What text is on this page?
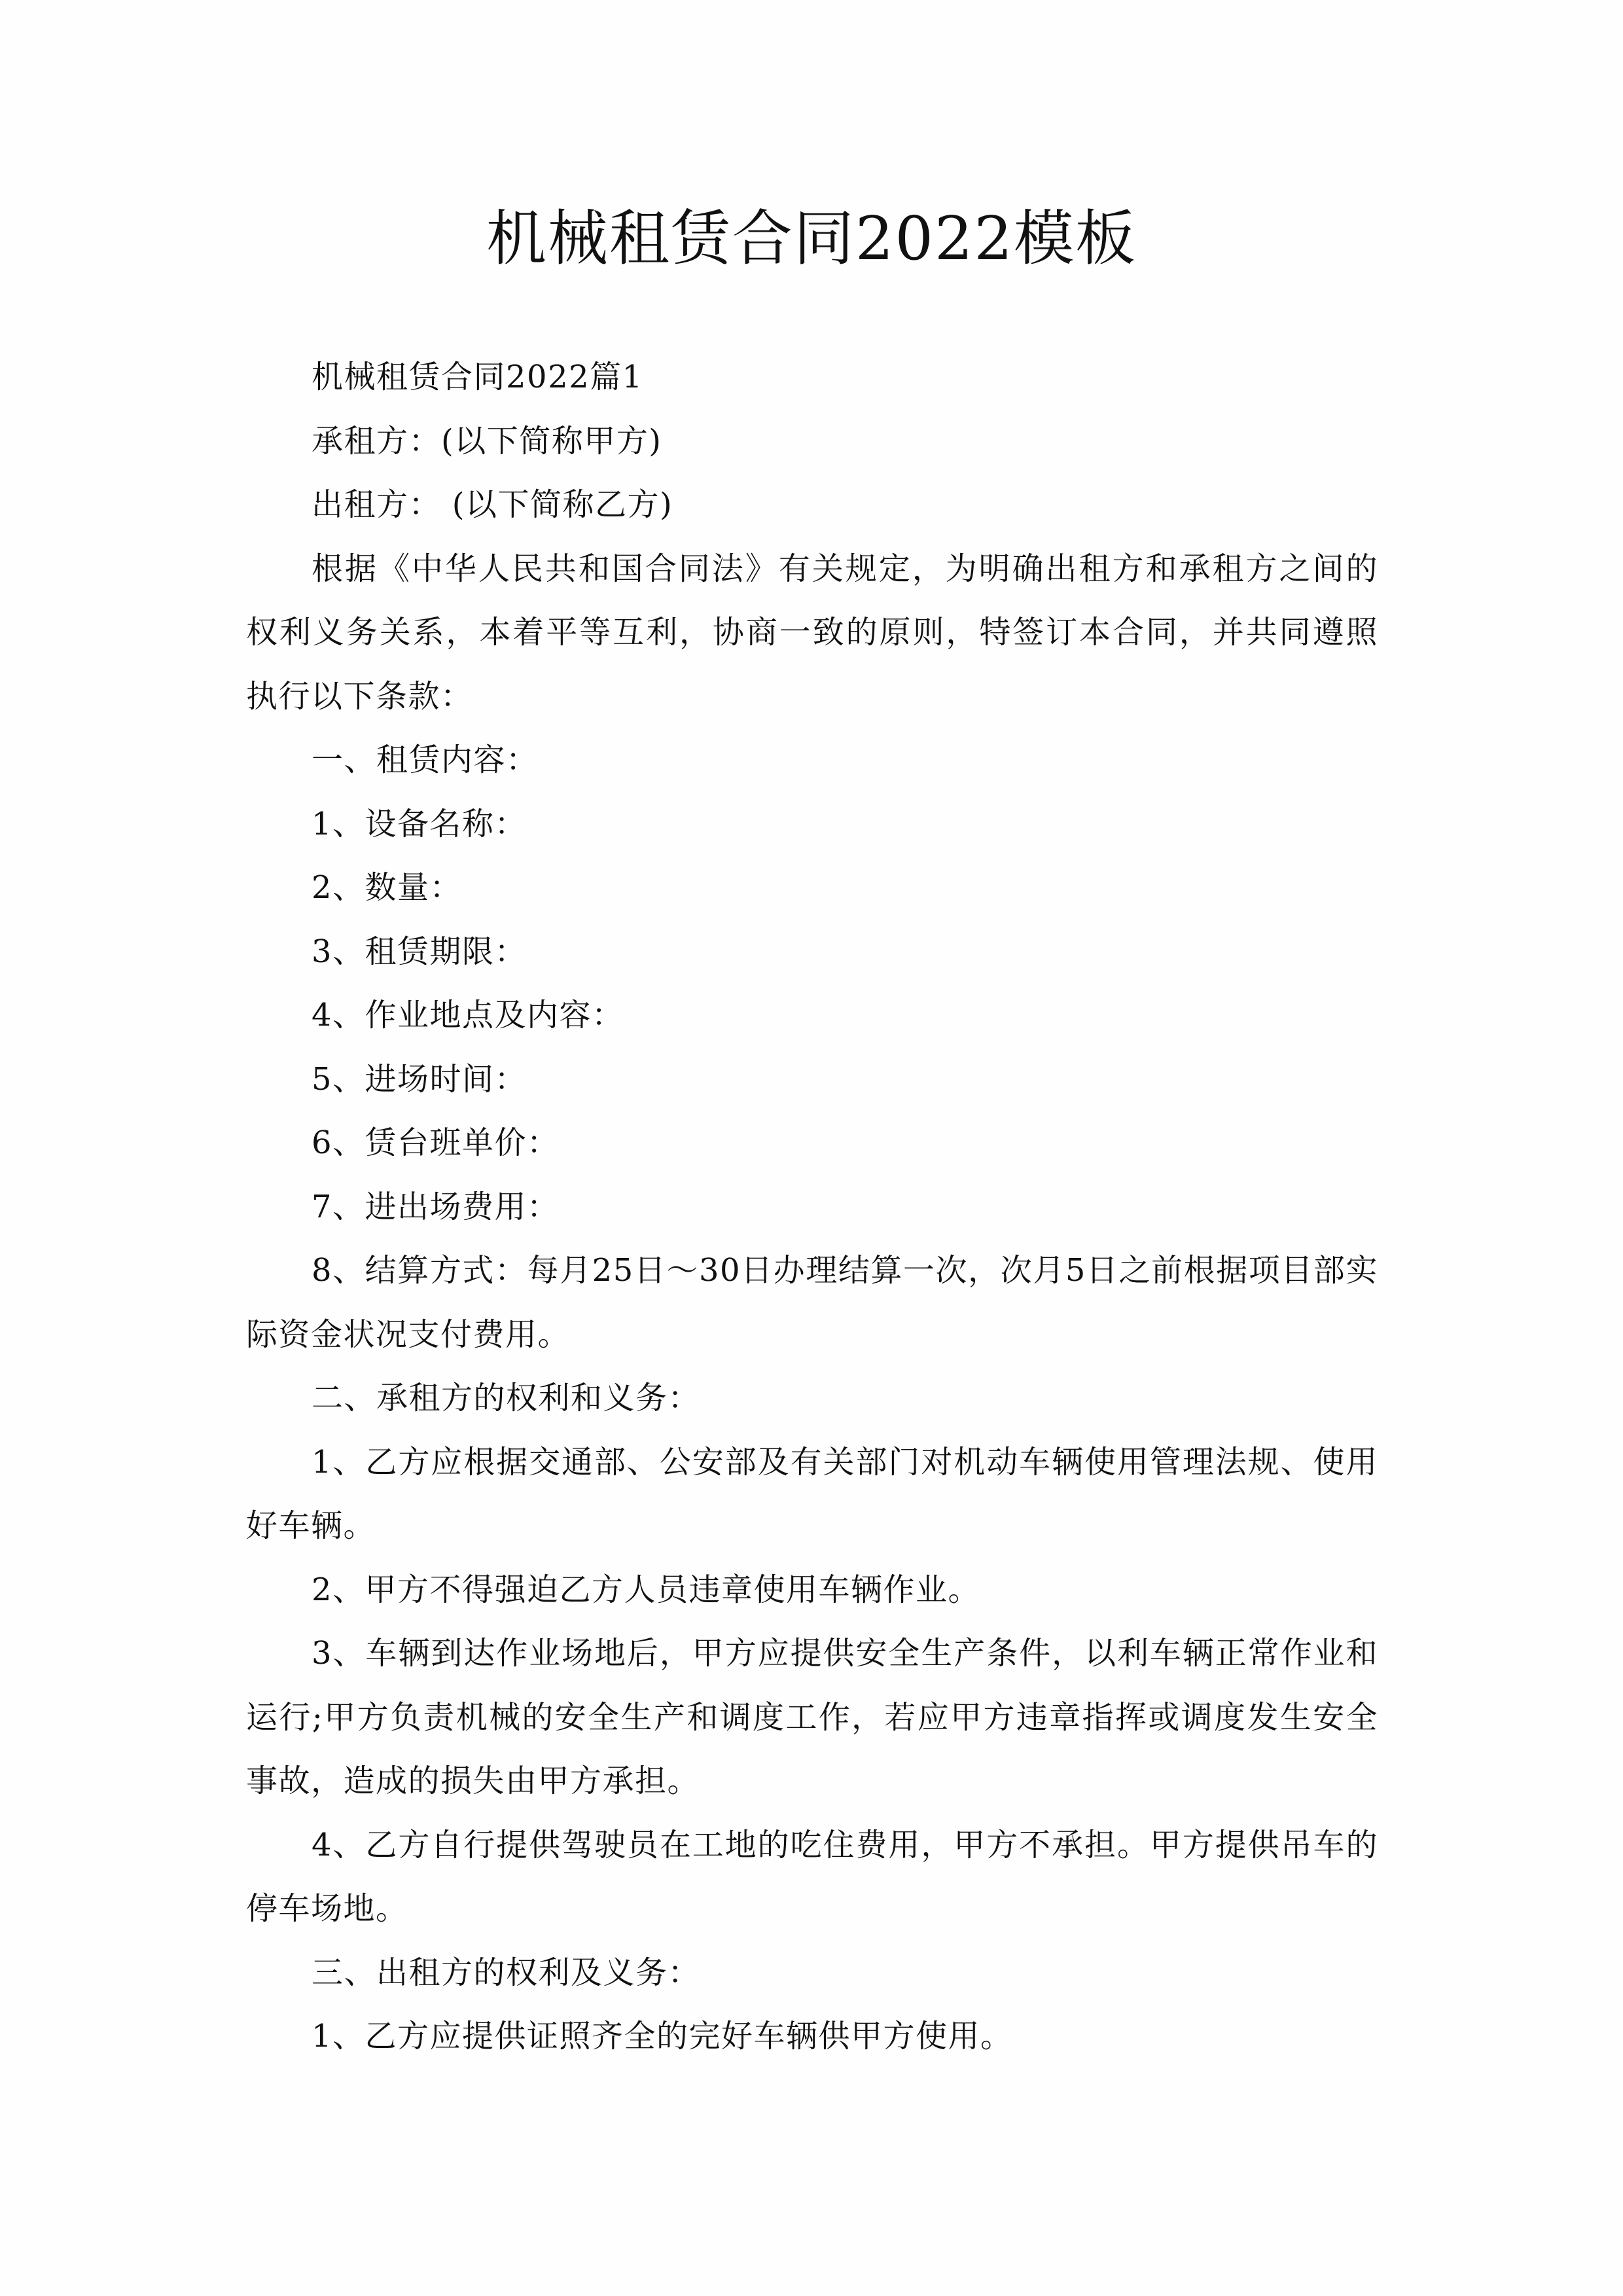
机械租赁合同2022模板

机械租赁合同2022篇1

承租方：(以下简称甲方)

出租方： (以下简称乙方)

根据《中华人民共和国合同法》有关规定，为明确出租方和承租方之间的权利义务关系，本着平等互利，协商一致的原则，特签订本合同，并共同遵照执行以下条款：

一、租赁内容：

1、设备名称：

2、数量：

3、租赁期限：

4、作业地点及内容：

5、进场时间：

6、赁台班单价：

7、进出场费用：

8、结算方式：每月25日～30日办理结算一次，次月5日之前根据项目部实际资金状况支付费用。

二、承租方的权利和义务：

1、乙方应根据交通部、公安部及有关部门对机动车辆使用管理法规、使用好车辆。

2、甲方不得强迫乙方人员违章使用车辆作业。

3、车辆到达作业场地后，甲方应提供安全生产条件，以利车辆正常作业和运行;甲方负责机械的安全生产和调度工作，若应甲方违章指挥或调度发生安全事故，造成的损失由甲方承担。

4、乙方自行提供驾驶员在工地的吃住费用，甲方不承担。甲方提供吊车的停车场地。

三、出租方的权利及义务：

1、乙方应提供证照齐全的完好车辆供甲方使用。
